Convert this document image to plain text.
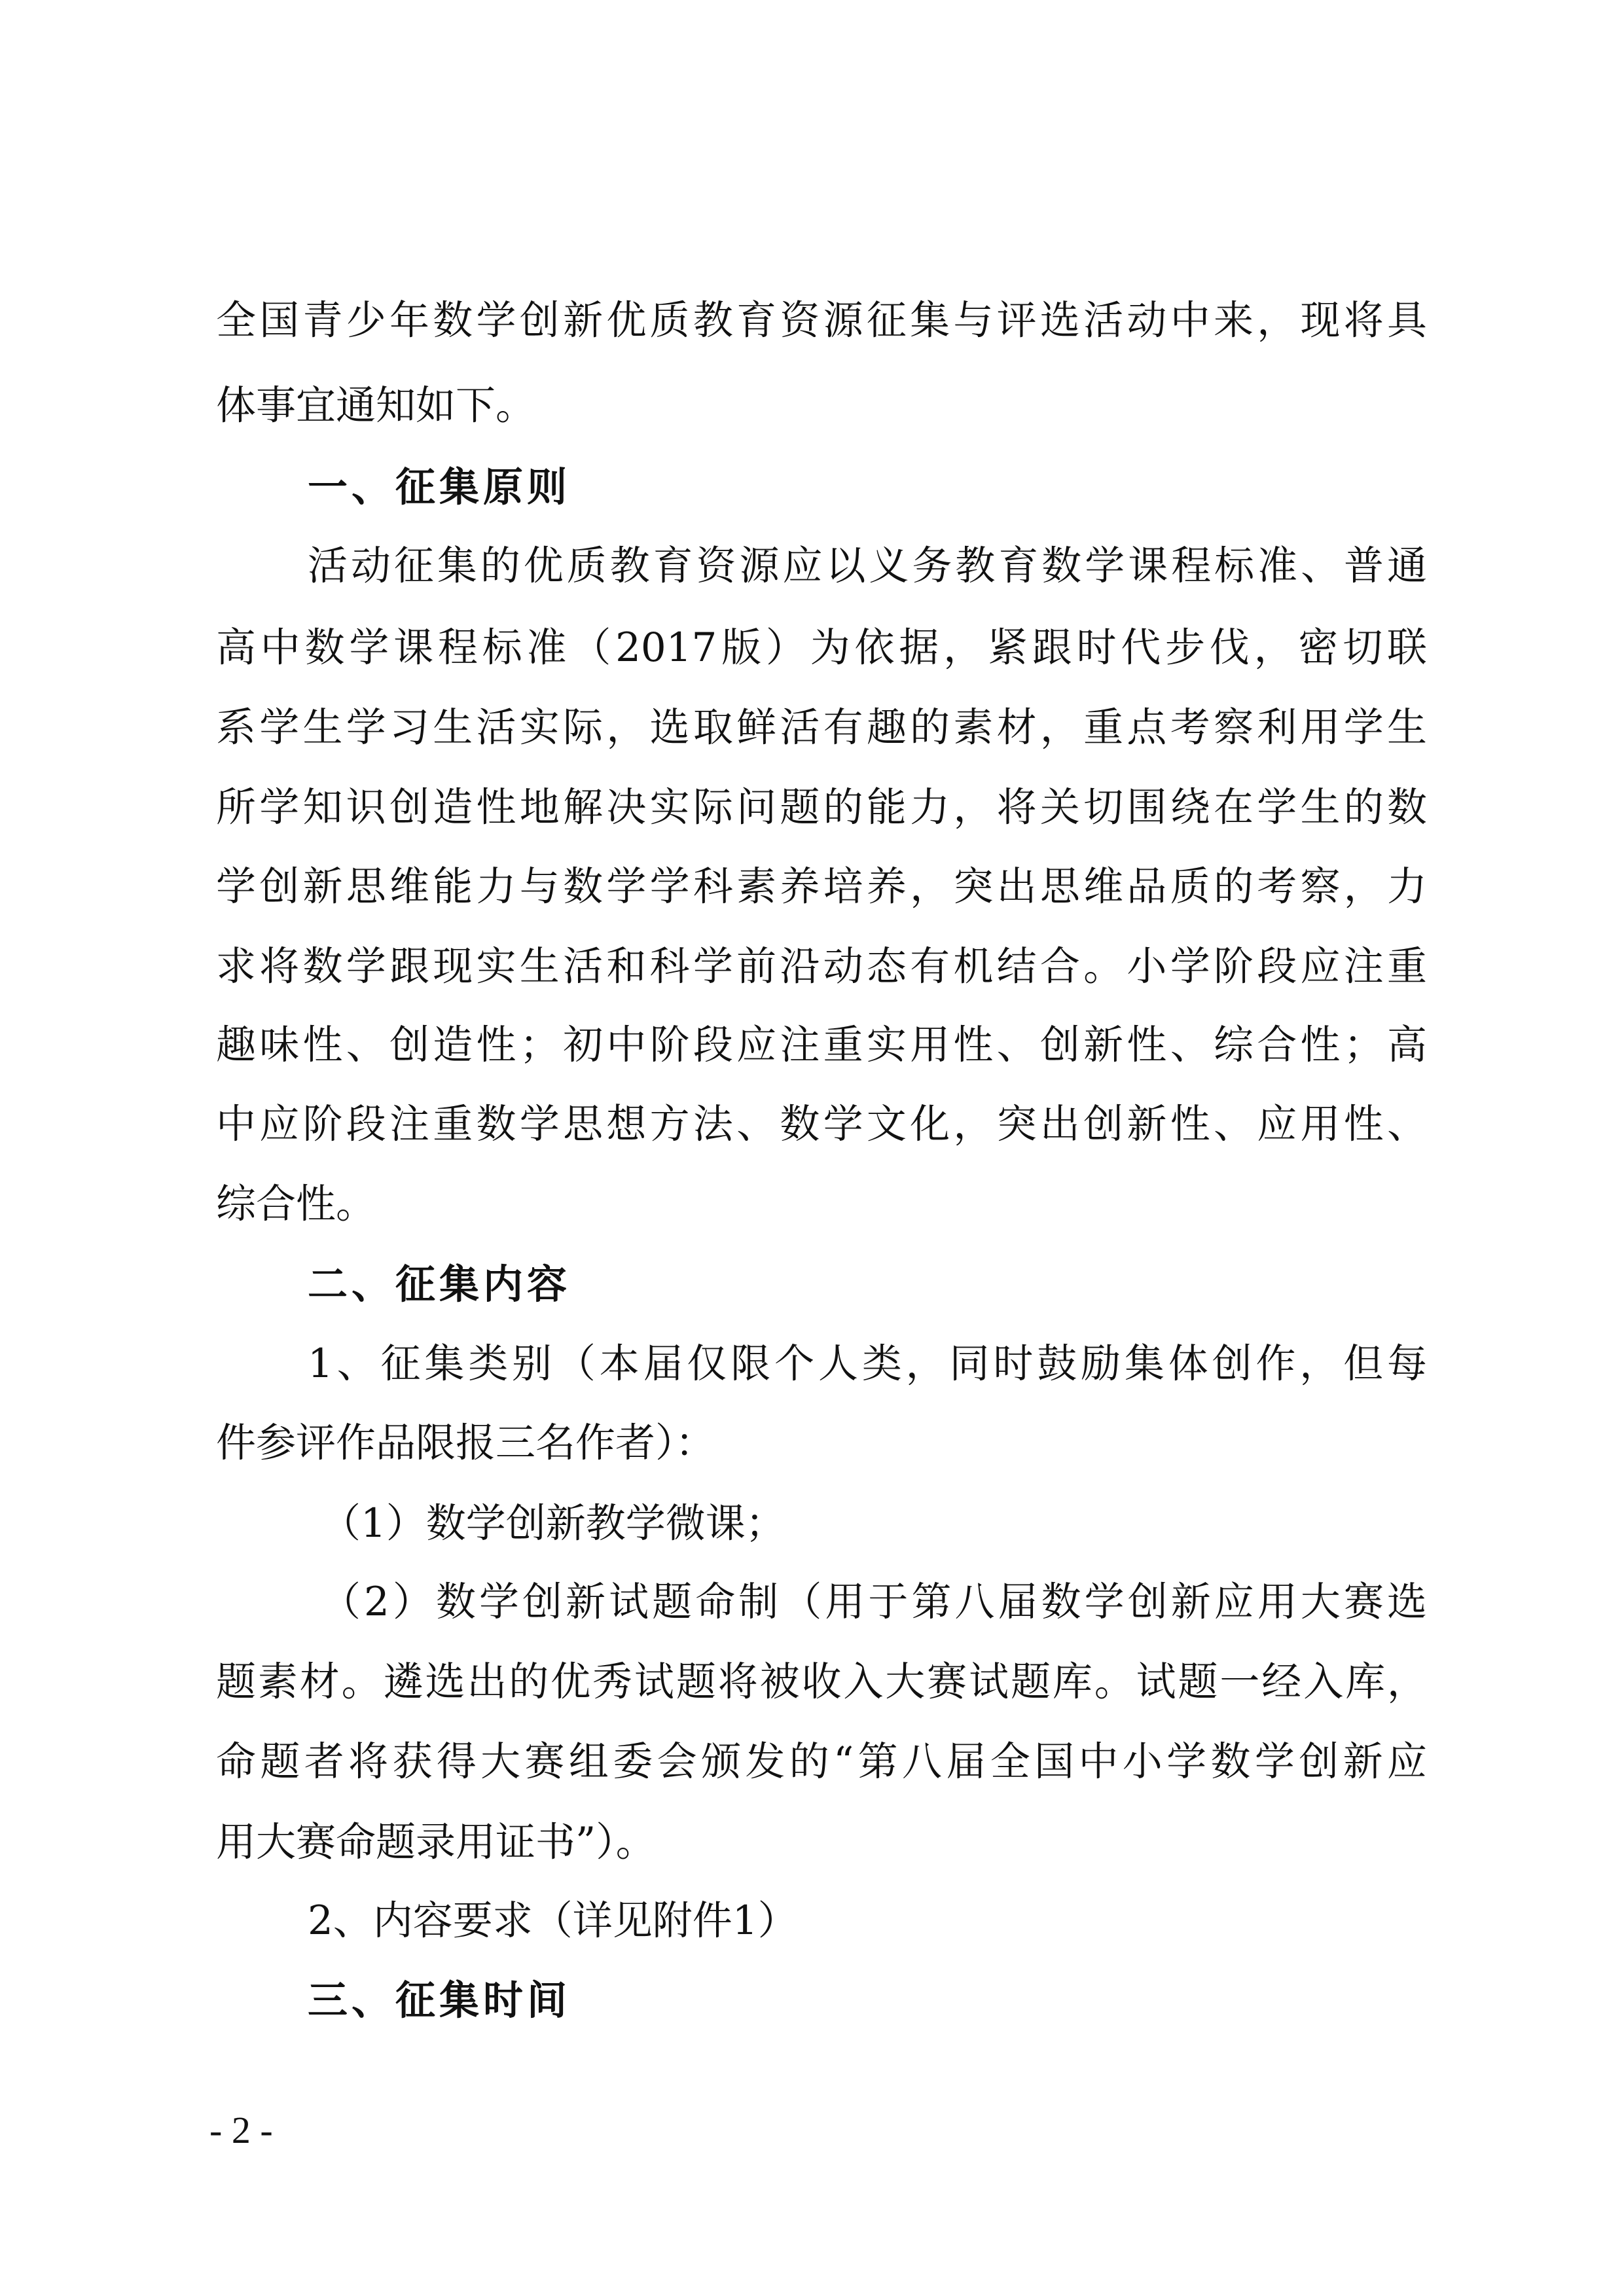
全国青少年数学创新优质教育资源征集与评选活动中来，现将具
体事宜通知如下。
一、征集原则
活动征集的优质教育资源应以义务教育数学课程标准、普通
高中数学课程标准（2017版）为依据，紧跟时代步伐，密切联
系学生学习生活实际，选取鲜活有趣的素材，重点考察利用学生
所学知识创造性地解决实际问题的能力，将关切围绕在学生的数
学创新思维能力与数学学科素养培养，突出思维品质的考察，力
求将数学跟现实生活和科学前沿动态有机结合。小学阶段应注重
趣味性、创造性；初中阶段应注重实用性、创新性、综合性；高
中应阶段注重数学思想方法、数学文化，突出创新性、应用性、
综合性。
二、征集内容
1、征集类别（本届仅限个人类，同时鼓励集体创作，但每
件参评作品限报三名作者）：
（1）数学创新教学微课；
（2）数学创新试题命制（用于第八届数学创新应用大赛选
题素材。遴选出的优秀试题将被收入大赛试题库。试题一经入库，
命题者将获得大赛组委会颁发的“第八届全国中小学数学创新应
用大赛命题录用证书”）。
2、内容要求（详见附件1）
三、征集时间
- 2 -
